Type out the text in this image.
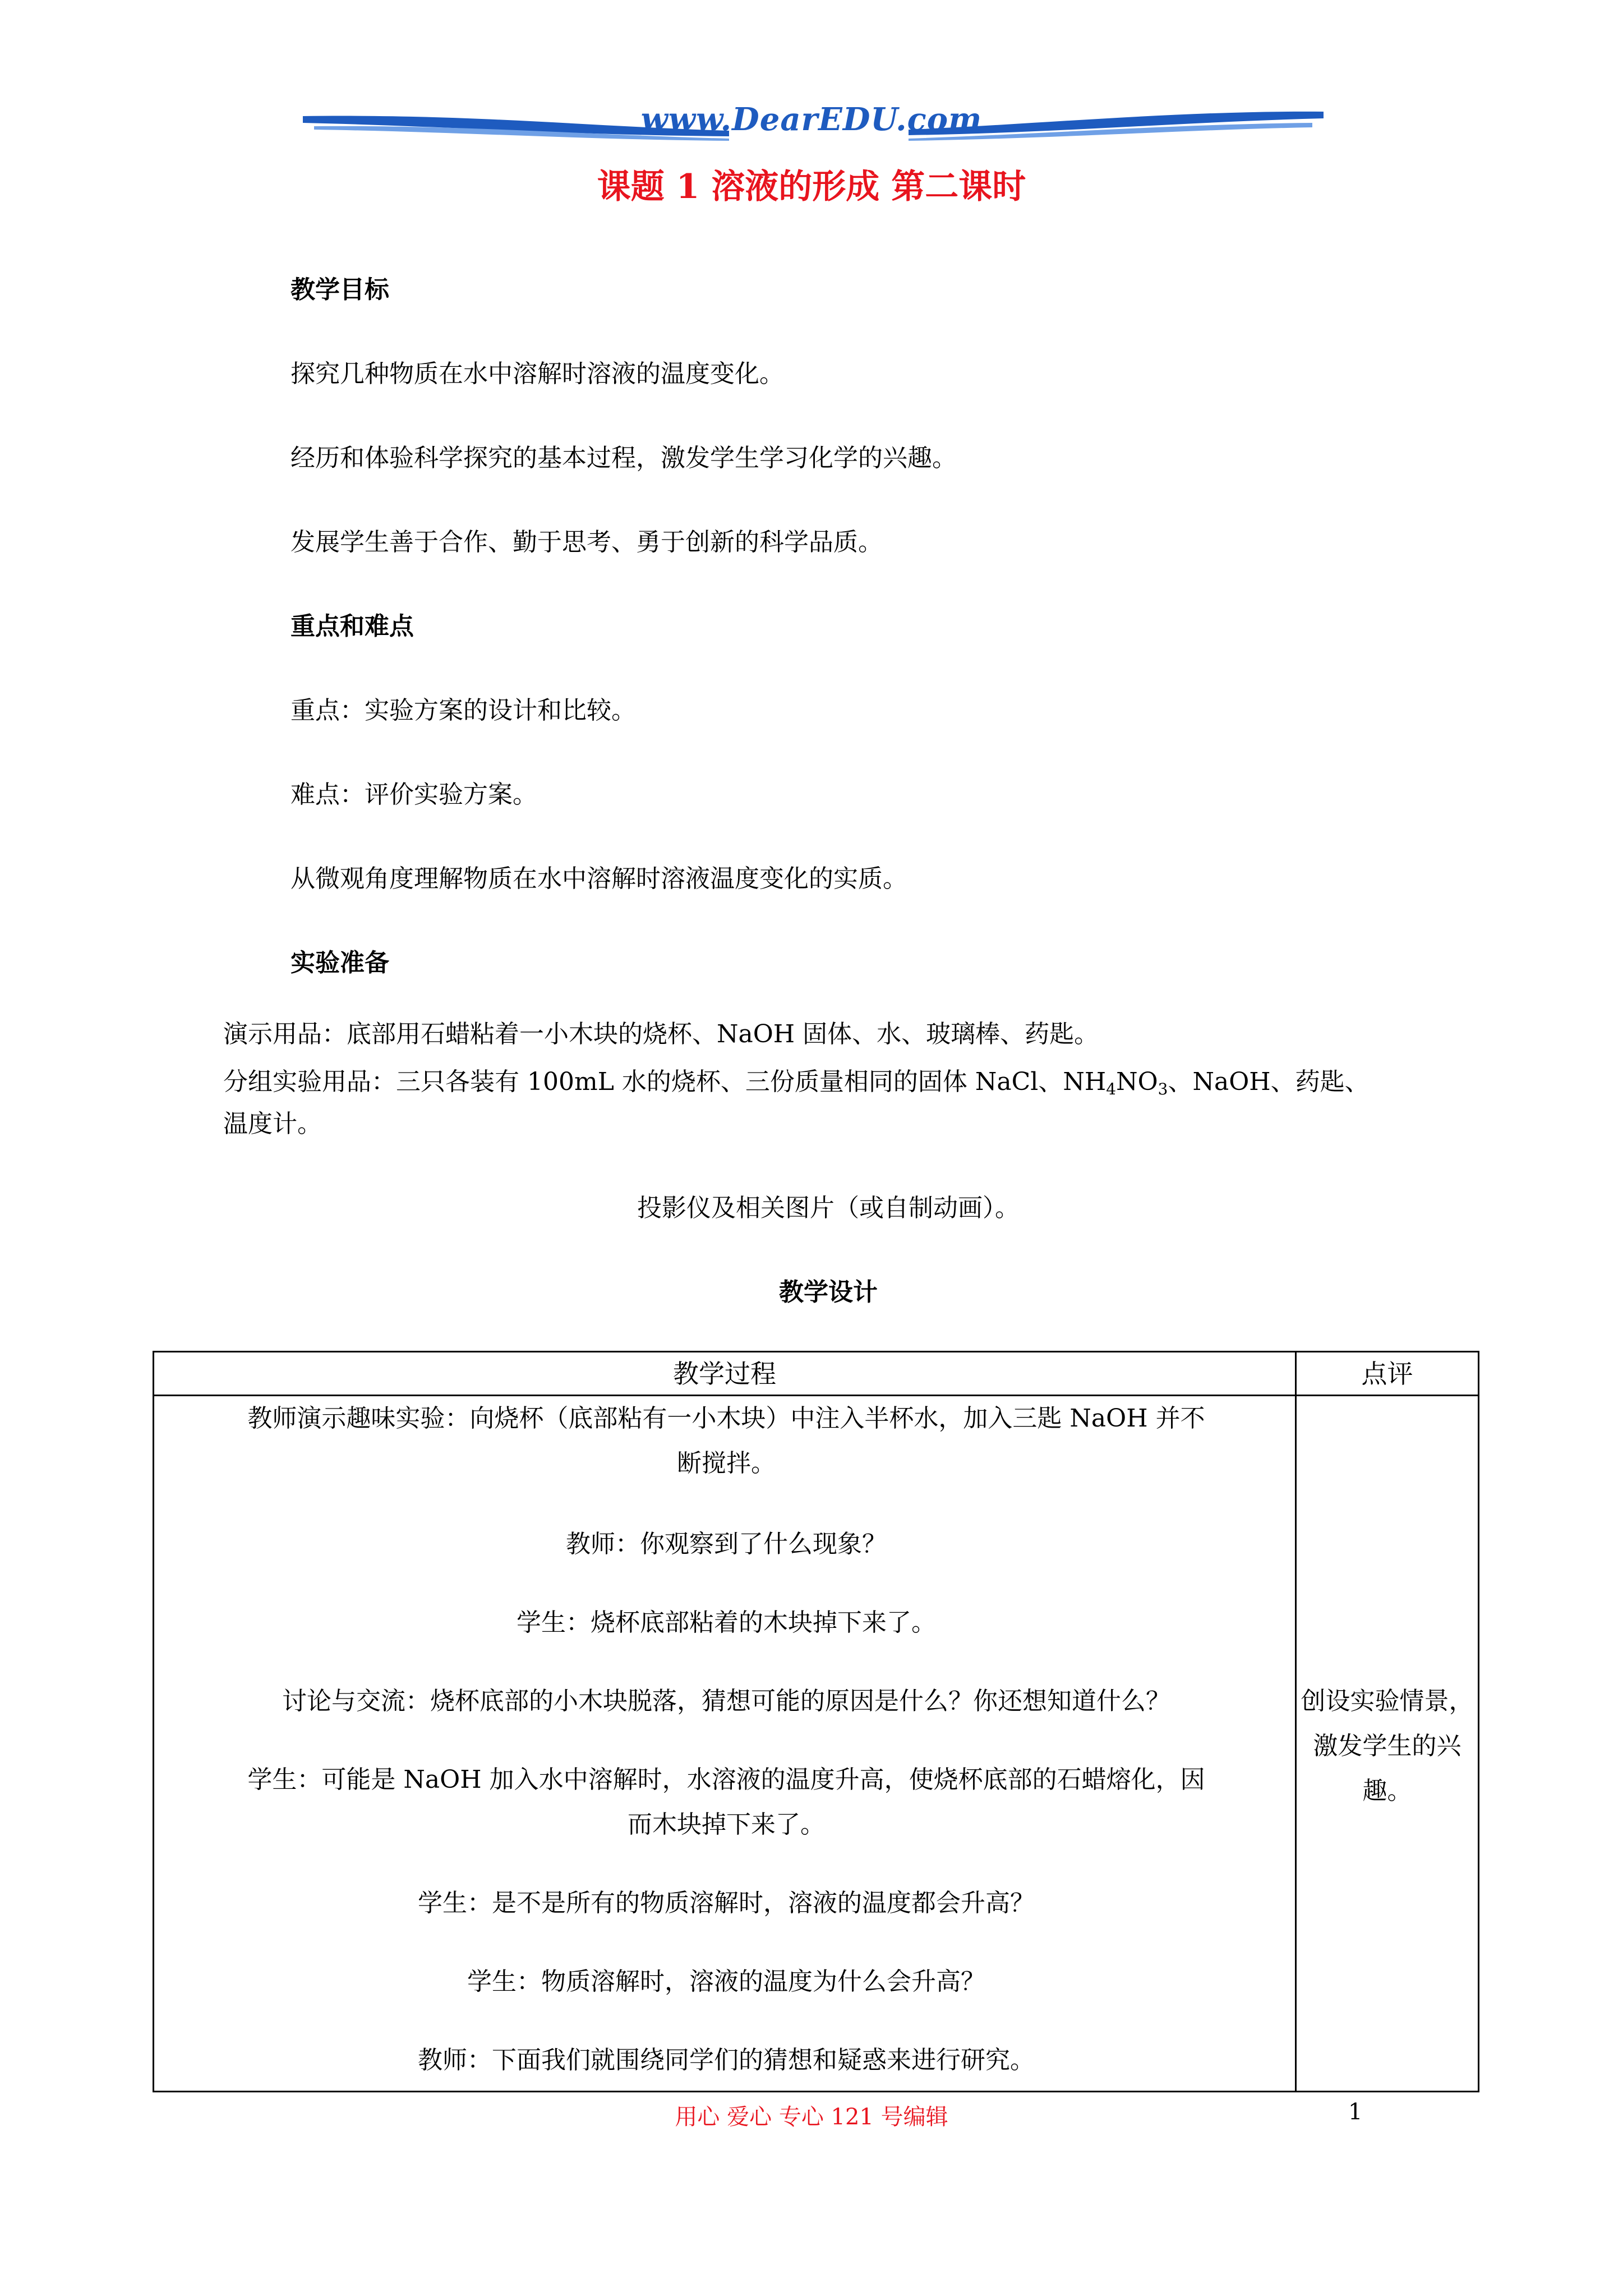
www.DearEDU.com
课题 1 溶液的形成 第二课时
教学目标
探究几种物质在水中溶解时溶液的温度变化。
经历和体验科学探究的基本过程，激发学生学习化学的兴趣。
发展学生善于合作、勤于思考、勇于创新的科学品质。
重点和难点
重点：实验方案的设计和比较。
难点：评价实验方案。
从微观角度理解物质在水中溶解时溶液温度变化的实质。
实验准备
演示用品：底部用石蜡粘着一小木块的烧杯、NaOH 固体、水、玻璃棒、药匙。
分组实验用品：三只各装有 100mL 水的烧杯、三份质量相同的固体 NaCl、$NH_4NO_3$、NaOH、药匙、
温度计。
投影仪及相关图片（或自制动画）。
教学设计
教学过程	点评
教师演示趣味实验：向烧杯（底部粘有一小木块）中注入半杯水，加入三匙 NaOH 并不
断搅拌。
教师：你观察到了什么现象？
学生：烧杯底部粘着的木块掉下来了。
讨论与交流：烧杯底部的小木块脱落，猜想可能的原因是什么？你还想知道什么？
学生：可能是 NaOH 加入水中溶解时，水溶液的温度升高，使烧杯底部的石蜡熔化，因
而木块掉下来了。
学生：是不是所有的物质溶解时，溶液的温度都会升高？
学生：物质溶解时，溶液的温度为什么会升高？
教师：下面我们就围绕同学们的猜想和疑惑来进行研究。
创设实验情景，
激发学生的兴
趣。
用心 爱心 专心 121 号编辑	1
